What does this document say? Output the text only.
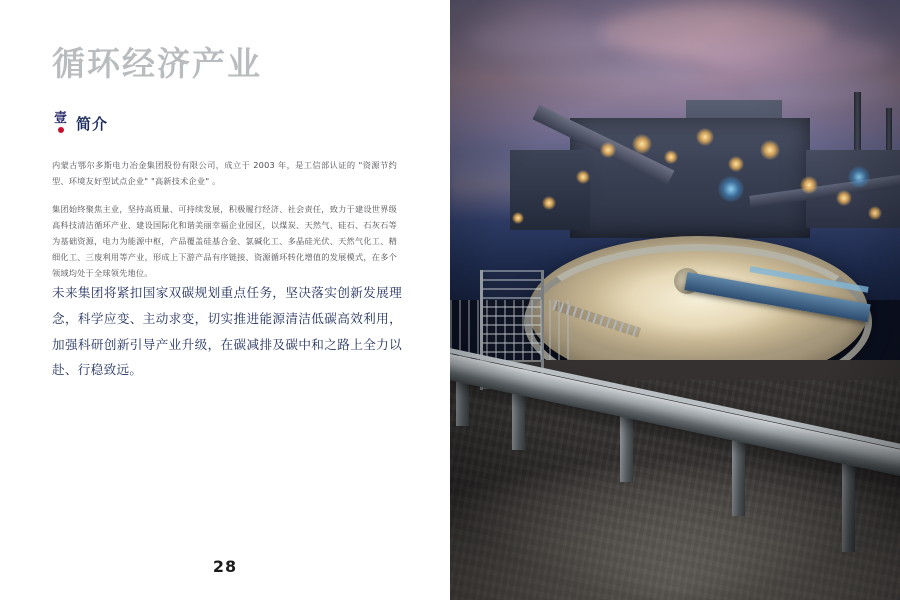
循环经济产业
壹 简介

内蒙古鄂尔多斯电力冶金集团股份有限公司，成立于 2003 年，是工信部认证的 "资源节约型、环境友好型试点企业" "高新技术企业" 。

集团始终聚焦主业，坚持高质量、可持续发展，积极履行经济、社会责任，致力于建设世界级高科技清洁循环产业、建设国际化和谐美丽幸福企业园区，以煤炭、天然气、硅石、石灰石等为基础资源，电力为能源中枢，产品覆盖硅基合金、氯碱化工、多晶硅光伏、天然气化工、精细化工、三废利用等产业，形成上下游产品有序链接、资源循环转化增值的发展模式，在多个领域均处于全球领先地位。

未来集团将紧扣国家双碳规划重点任务，坚决落实创新发展理念，科学应变、主动求变，切实推进能源清洁低碳高效利用，加强科研创新引导产业升级，在碳减排及碳中和之路上全力以赴、行稳致远。

28
